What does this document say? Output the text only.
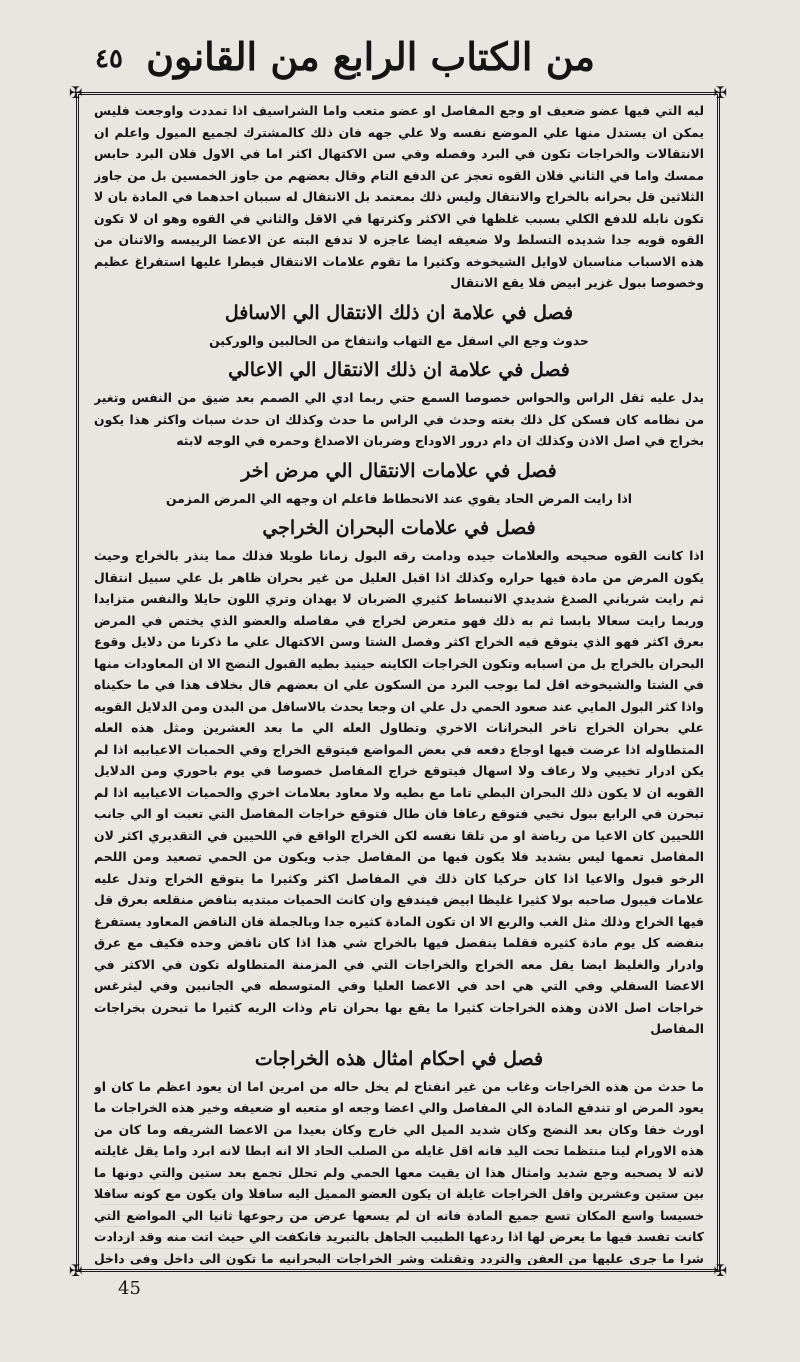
من الكتاب الرابع من القانون
٤٥
✠	✠
✠	✠

ليه التي فيها عضو ضعيف او وجع المفاصل او عضو متعب واما الشراسيف اذا تمددت واوجعت فليس يمكن ان يستدل منها علي الموضع نفسه ولا علي جهه فان ذلك كالمشترك لجميع الميول واعلم ان الانتقالات والخراجات تكون في البرد وفصله وفي سن الاكتهال اكثر اما في الاول فلان البرد حابس ممسك واما في الثاني فلان القوه تعجز عن الدفع التام وقال بعضهم من جاوز الخمسين بل من جاوز الثلاثين قل بحرانه بالخراج والانتقال وليس ذلك بمعتمد بل الانتقال له سببان احدهما في المادة بان لا تكون نابله للدفع الكلي بسبب غلظها في الاكثر وكثرتها في الاقل والثاني في القوه وهو ان لا تكون القوه قويه جدا شديده التسلط ولا ضعيفه ايضا عاجزه لا تدفع البته عن الاعضا الرييسه والاتنان من هذه الاسباب مناسبان لاوايل الشيخوخه وكثيرا ما تقوم علامات الانتقال فيطرا عليها استفراغ عظيم وخصوصا ببول غزير ابيض فلا يقع الانتقال

فصل في علامة ان ذلك الانتقال الي الاسافل

حدوث وجع الي اسفل مع التهاب وانتفاخ من الحالبين والوركين

فصل في علامة ان ذلك الانتقال الي الاعالي

يدل عليه ثقل الراس والحواس خصوصا السمع حتي ربما ادي الي الصمم بعد ضيق من النفس وتغير من نظامه كان فسكن كل ذلك بغته وحدث في الراس ما حدث وكذلك ان حدث سبات واكثر هذا يكون بخراج في اصل الاذن وكذلك ان دام درور الاوداج وضربان الاصداغ وحمره في الوجه لابثه

فصل في علامات الانتقال الي مرض اخر

اذا رايت المرض الحاد يقوي عند الانحطاط فاعلم ان وجهه الي المرض المزمن

فصل في علامات البحران الخراجي

اذا كانت القوه صحيحه والعلامات جيده ودامت رقه البول زمانا طويلا فذلك مما ينذر بالخراج وحيث يكون المرض من مادة فيها حراره وكذلك اذا اقبل العليل من غير بحران ظاهر بل علي سبيل انتقال ثم رايت شرياني الصدغ شديدي الانبساط كثيري الضربان لا يهدان وتري اللون حايلا والنفس متزايدا وربما رايت سعالا يابسا ثم به ذلك فهو متعرض لخراج في مفاصله والعضو الذي يختص في المرض بعرق اكثر فهو الذي يتوقع فيه الخراج اكثر وفصل الشتا وسن الاكتهال علي ما ذكرنا من دلايل وقوع البحران بالخراج بل من اسبابه وتكون الخراجات الكاينه حينيذ بطيه القبول النضج الا ان المعاودات منها في الشتا والشيخوخه اقل لما يوجب البرد من السكون علي ان بعضهم قال بخلاف هذا في ما حكيناه واذا كثر البول المايي عند صعود الحمي دل علي ان وجعا يحدث بالاسافل من البدن ومن الدلايل القويه علي بحران الخراج تاخر البحرانات الاخري وتطاول العله الي ما بعد العشرين ومثل هذه العله المتطاوله اذا عرضت فيها اوجاع دفعه في بعض المواضع فيتوقع الخراج وفي الحميات الاعيابيه اذا لم يكن ادرار تخييي ولا رعاف ولا اسهال فيتوقع خراج المفاصل خصوصا في يوم باحوري ومن الدلايل القويه ان لا يكون ذلك البحران البطي تاما مع بطيه ولا معاود بعلامات اخري والحميات الاعيابيه اذا لم تبحرن في الرابع ببول نخيي فتوقع رعافا فان طال فتوقع خراجات المفاصل التي تعبت او الي جانب اللحيين كان الاعيا من رياضة او من تلقا نفسه لكن الخراج الواقع في اللحيين في التقديري اكثر لان المفاصل تعمها ليس بشديد فلا يكون فيها من المفاصل جذب ويكون من الحمي تصعيد ومن اللحم الرخو قبول والاعيا اذا كان حركيا كان ذلك في المفاصل اكثر وكثيرا ما يتوقع الخراج وتدل عليه علامات فيبول صاحبه بولا كثيرا غليظا ابيض فيندفع وان كانت الحميات مبتديه بنافض منقلعه بعرق قل فيها الخراج وذلك مثل الغب والربع الا ان تكون المادة كثيره جدا وبالجملة فان النافض المعاود يستفرغ بنفضه كل يوم مادة كثيره فقلما ينفصل فيها بالخراج شي هذا اذا كان نافض وحده فكيف مع عرق وادرار والغليظ ايضا يقل معه الخراج والخراجات التي في المزمنة المتطاوله تكون في الاكثر في الاعضا السفلي وفي التي هي احد في الاعضا العليا وفي المتوسطه في الجانبين وفي ليثرغس خراجات اصل الاذن وهذه الخراجات كثيرا ما يقع بها بحران تام وذات الريه كثيرا ما تبحرن بخراجات المفاصل

فصل في احكام امثال هذه الخراجات

ما حدث من هذه الخراجات وغاب من غير انفتاح لم يخل حاله من امرين اما ان يعود اعظم ما كان او يعود المرض او تندفع المادة الي المفاصل والي اعضا وجعه او متعبه او ضعيفه وخير هذه الخراجات ما اورث خفا وكان بعد النضج وكان شديد الميل الي خارج وكان بعيدا من الاعضا الشريفه وما كان من هذه الاورام لينا منتظما تحت اليد فانه اقل غايله من الصلب الحاد الا انه ابطا لانه ابرد واما يقل غايلته لانه لا يصحبه وجع شديد وامثال هذا ان يقيت معها الحمي ولم تحلل تجمع بعد ستين والتي دونها ما بين ستين وعشرين واقل الخراجات غايلة ان يكون العضو المميل اليه سافلا وان يكون مع كونه سافلا خسيسا واسع المكان تسع جميع المادة فانه ان لم يسعها عرض من رجوعها ثانيا الي المواضع التي كانت تفسد فيها ما يعرض لها اذا ردعها الطبيب الجاهل بالتبريد فانكفت الي حيث اتت منه وقد ازدادت شرا ما جري عليها من العفن والتردد وتقتلت وشر الخراجات البحرانيه ما تكون الي داخل وفي داخل

45
